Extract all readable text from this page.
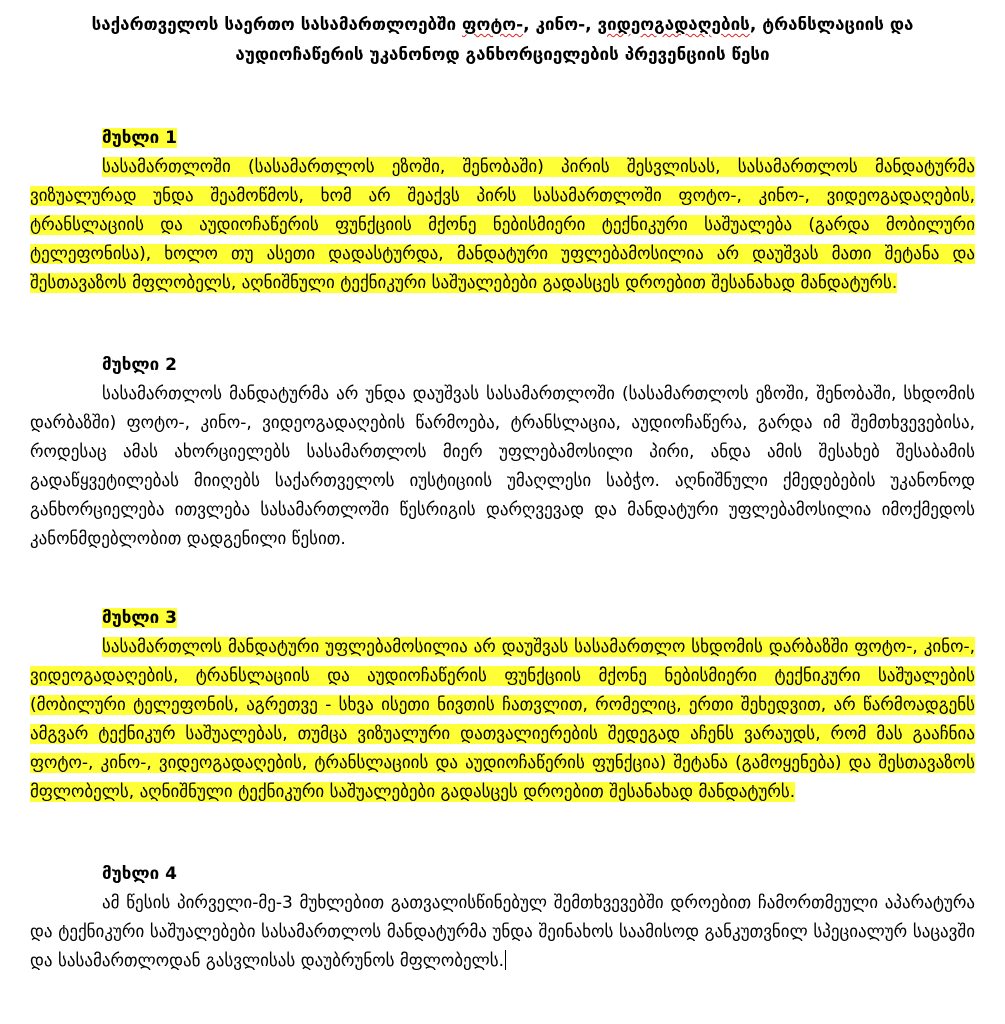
საქართველოს საერთო სასამართლოებში ფოტო-, კინო-, ვიდეოგადაღების, ტრანსლაციის და აუდიოჩაწერის უკანონოდ განხორციელების პრევენციის წესი
მუხლი 1

სასამართლოში (სასამართლოს ეზოში, შენობაში) პირის შესვლისას, სასამართლოს მანდატურმა ვიზუალურად უნდა შეამოწმოს, ხომ არ შეაქვს პირს სასამართლოში ფოტო-, კინო-, ვიდეოგადაღების, ტრანსლაციის და აუდიოჩაწერის ფუნქციის მქონე ნებისმიერი ტექნიკური საშუალება (გარდა მობილური ტელეფონისა), ხოლო თუ ასეთი დადასტურდა, მანდატური უფლებამოსილია არ დაუშვას მათი შეტანა და შესთავაზოს მფლობელს, აღნიშნული ტექნიკური საშუალებები გადასცეს დროებით შესანახად მანდატურს.

მუხლი 2

სასამართლოს მანდატურმა არ უნდა დაუშვას სასამართლოში (სასამართლოს ეზოში, შენობაში, სხდომის დარბაზში) ფოტო-, კინო-, ვიდეოგადაღების წარმოება, ტრანსლაცია, აუდიოჩაწერა, გარდა იმ შემთხვევებისა, როდესაც ამას ახორციელებს სასამართლოს მიერ უფლებამოსილი პირი, ანდა ამის შესახებ შესაბამის გადაწყვეტილებას მიიღებს საქართველოს იუსტიციის უმაღლესი საბჭო. აღნიშნული ქმედებების უკანონოდ განხორციელება ითვლება სასამართლოში წესრიგის დარღვევად და მანდატური უფლებამოსილია იმოქმედოს კანონმდებლობით დადგენილი წესით.

მუხლი 3

სასამართლოს მანდატური უფლებამოსილია არ დაუშვას სასამართლო სხდომის დარბაზში ფოტო-, კინო-, ვიდეოგადაღების, ტრანსლაციის და აუდიოჩაწერის ფუნქციის მქონე ნებისმიერი ტექნიკური საშუალების (მობილური ტელეფონის, აგრეთვე - სხვა ისეთი ნივთის ჩათვლით, რომელიც, ერთი შეხედვით, არ წარმოადგენს ამგვარ ტექნიკურ საშუალებას, თუმცა ვიზუალური დათვალიერების შედეგად აჩენს ვარაუდს, რომ მას გააჩნია ფოტო-, კინო-, ვიდეოგადაღების, ტრანსლაციის და აუდიოჩაწერის ფუნქცია) შეტანა (გამოყენება) და შესთავაზოს მფლობელს, აღნიშნული ტექნიკური საშუალებები გადასცეს დროებით შესანახად მანდატურს.

მუხლი 4

ამ წესის პირველი-მე-3 მუხლებით გათვალისწინებულ შემთხვევებში დროებით ჩამორთმეული აპარატურა და ტექნიკური საშუალებები სასამართლოს მანდატურმა უნდა შეინახოს საამისოდ განკუთვნილ სპეციალურ საცავში და სასამართლოდან გასვლისას დაუბრუნოს მფლობელს.
